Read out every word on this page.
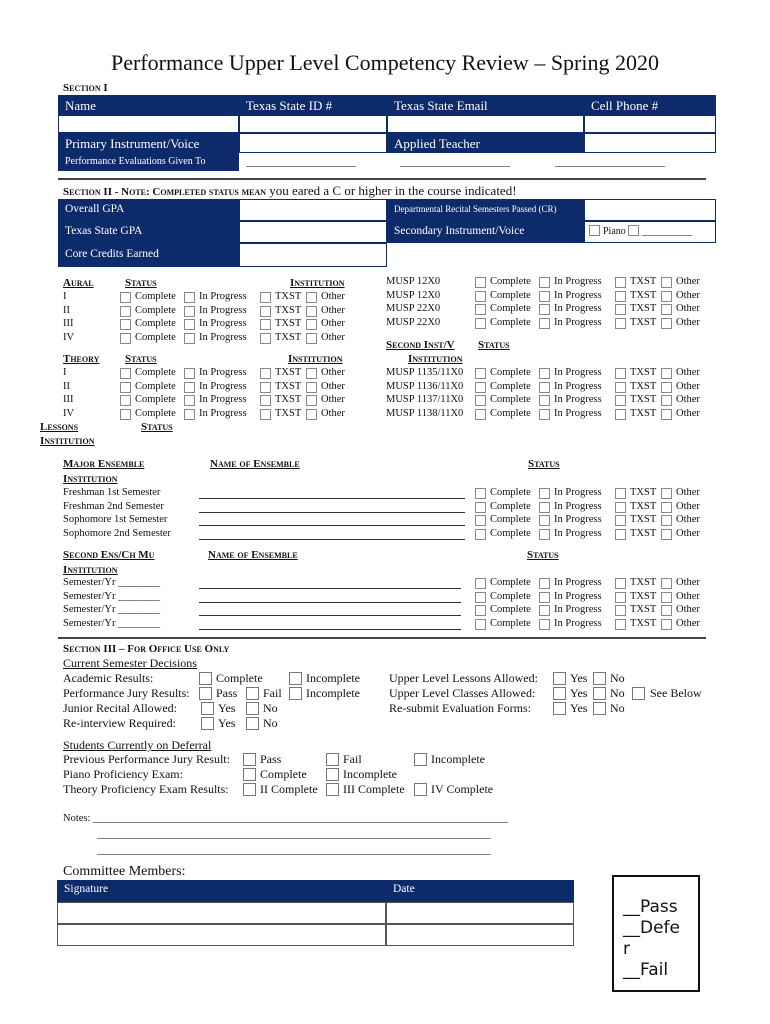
Performance Upper Level Competency Review – Spring 2020
Section I
Name	Texas State ID #	Texas State Email	Cell Phone #
Primary Instrument/Voice	Applied Teacher
Performance Evaluations Given To	______________________	______________________	______________________
Section II - Note: Completed status mean you eared a C or higher in the course indicated!
Overall GPA
Texas State GPA
Core Credits Earned
Departmental Recital Semesters Passed (CR)
Secondary Instrument/Voice	Piano __________
Aural	Status	Institution
I	Complete In Progress	TXST Other
II	Complete In Progress	TXST Other
III	Complete In Progress	TXST Other
IV	Complete In Progress	TXST Other
Theory Status	Institution
I	Complete In Progress	TXST Other
II	Complete In Progress	TXST Other
III	Complete In Progress	TXST Other
IV	Complete In Progress	TXST Other
MUSP 12X0	Complete In Progress	TXST Other
MUSP 12X0	Complete In Progress	TXST Other
MUSP 22X0	Complete In Progress	TXST Other
MUSP 22X0	Complete In Progress	TXST Other
Second Inst/V Status
Institution
MUSP 1135/11X0	Complete In Progress	TXST Other
MUSP 1136/11X0	Complete In Progress	TXST Other
MUSP 1137/11X0	Complete In Progress	TXST Other
MUSP 1138/11X0	Complete In Progress	TXST Other
Lessons	Status
Institution
Major Ensemble	Name of Ensemble	Status
Institution
Freshman 1st Semester	Complete In Progress	TXST Other
Freshman 2nd Semester	Complete In Progress	TXST Other
Sophomore 1st Semester	Complete In Progress	TXST Other
Sophomore 2nd Semester	Complete In Progress	TXST Other
Second Ens/Ch Mu	Name of Ensemble	Status
Institution
Semester/Yr ________	Complete In Progress	TXST Other
Semester/Yr ________	Complete In Progress	TXST Other
Semester/Yr ________	Complete In Progress	TXST Other
Semester/Yr ________	Complete In Progress	TXST Other
Section III – For Office Use Only
Current Semester Decisions
Academic Results:	Complete	Incomplete
Performance Jury Results: Pass Fail Incomplete
Junior Recital Allowed:	Yes No
Re-interview Required:	Yes No
Upper Level Lessons Allowed:	Yes No
Upper Level Classes Allowed:	Yes No See Below
Re-submit Evaluation Forms:	Yes No
Students Currently on Deferral
Previous Performance Jury Result:	Pass	Fail	Incomplete
Piano Proficiency Exam:	Complete	Incomplete
Theory Proficiency Exam Results:	II Complete III Complete IV Complete
Notes: _______________________________________________________________________________
___________________________________________________________________________
___________________________________________________________________________
Committee Members:
Signature	Date
__Pass
__Defe
r
__Fail
